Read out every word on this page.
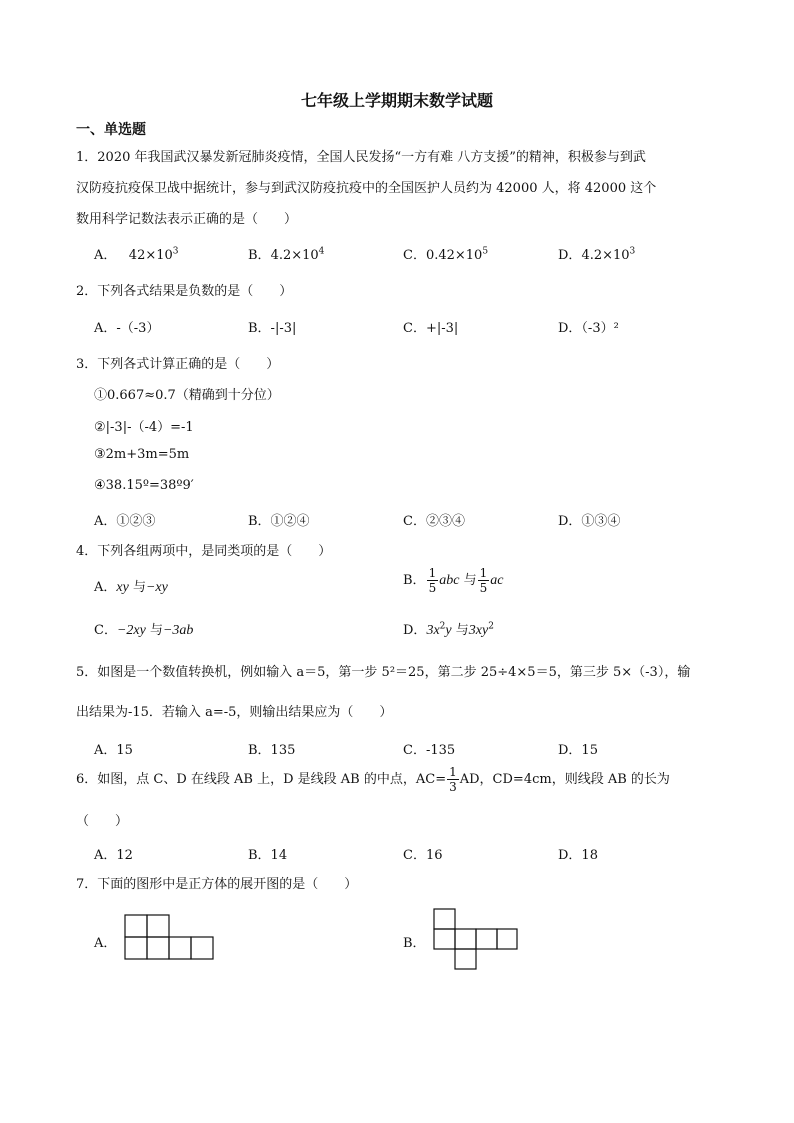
七年级上学期期末数学试题
一、单选题
1．2020 年我国武汉暴发新冠肺炎疫情，全国人民发扬“一方有难 八方支援”的精神，积极参与到武
汉防疫抗疫保卫战中据统计，参与到武汉防疫抗疫中的全国医护人员约为 42000 人，将 42000 这个
数用科学记数法表示正确的是（　　）
A． $42\times 10^3$	B．$4.2\times 10^4$	C．$0.42\times 10^5$	D．$4.2\times 10^3$
2．下列各式结果是负数的是（　　）
A．-（-3）	B．-|-3|	C．+|-3|	D．（-3）²
3．下列各式计算正确的是（　　）
①0.667≈0.7（精确到十分位）
②|-3|-（-4）=-1
③2m+3m=5m
④38.15º=38º9′
A．①②③	B．①②④	C．②③④	D．①③④
4．下列各组两项中，是同类项的是（　　）
A．xy 与−xy	B． $\frac{1}{5}$ abc 与 $\frac{1}{5}$ ac
C．−2xy 与−3ab	D．$3x^2y$ 与$3xy^2$
5．如图是一个数值转换机，例如输入 a＝5，第一步 5²＝25，第二步 25÷4×5＝5，第三步 5×（-3），输
出结果为-15．若输入 a=-5，则输出结果应为（　　）
A．15	B．135	C．-135	D．15
6．如图，点 C、D 在线段 AB 上，D 是线段 AB 的中点，$AC= \frac{1}{3}$ AD，CD=4cm，则线段 AB 的长为
（　　）
A．12	B．14	C．16	D．18
7．下面的图形中是正方体的展开图的是（　　）
A．	B．
